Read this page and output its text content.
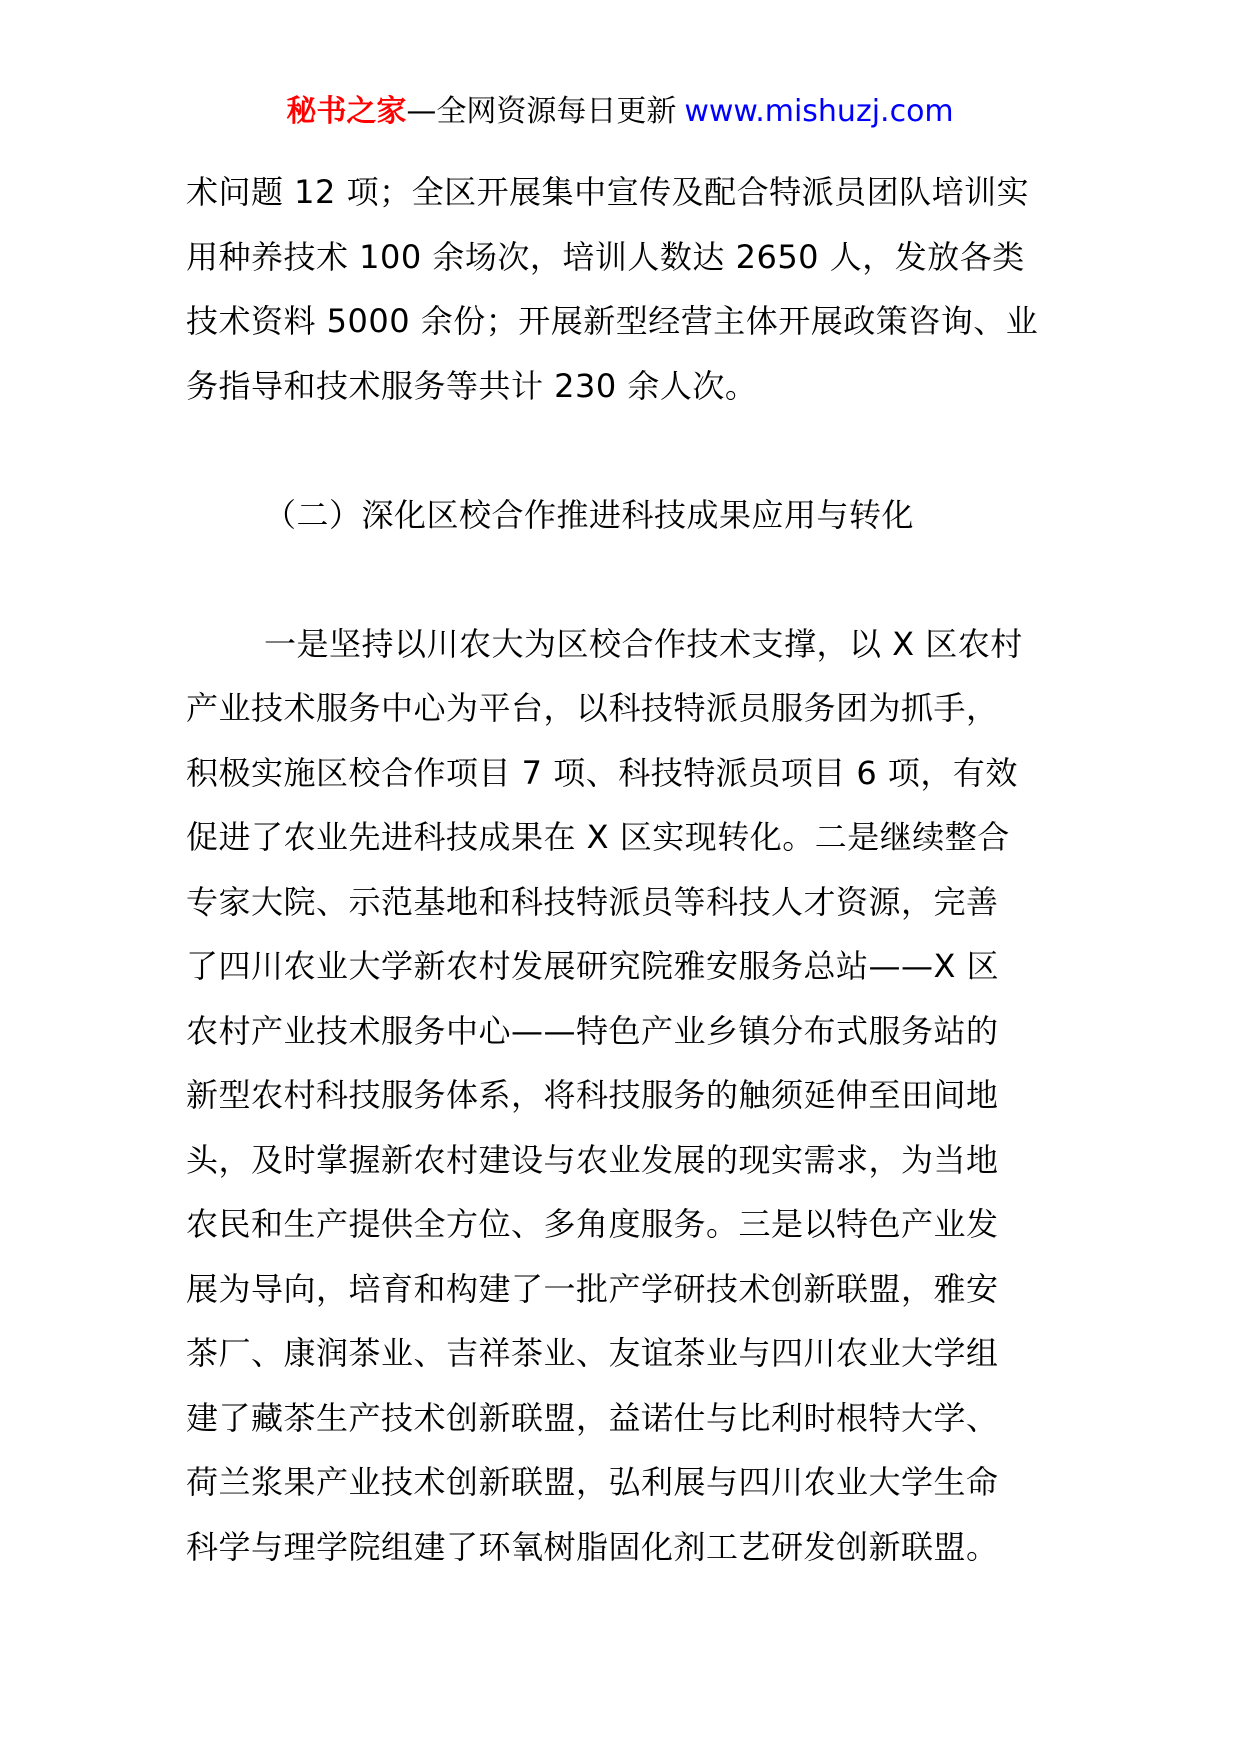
秘书之家—全网资源每日更新 www.mishuzj.com
术问题 12 项；全区开展集中宣传及配合特派员团队培训实
用种养技术 100 余场次，培训人数达 2650 人，发放各类
技术资料 5000 余份；开展新型经营主体开展政策咨询、业
务指导和技术服务等共计 230 余人次。
（二）深化区校合作推进科技成果应用与转化
一是坚持以川农大为区校合作技术支撑，以 X 区农村
产业技术服务中心为平台，以科技特派员服务团为抓手，
积极实施区校合作项目 7 项、科技特派员项目 6 项，有效
促进了农业先进科技成果在 X 区实现转化。二是继续整合
专家大院、示范基地和科技特派员等科技人才资源，完善
了四川农业大学新农村发展研究院雅安服务总站——X 区
农村产业技术服务中心——特色产业乡镇分布式服务站的
新型农村科技服务体系，将科技服务的触须延伸至田间地
头，及时掌握新农村建设与农业发展的现实需求，为当地
农民和生产提供全方位、多角度服务。三是以特色产业发
展为导向，培育和构建了一批产学研技术创新联盟，雅安
茶厂、康润茶业、吉祥茶业、友谊茶业与四川农业大学组
建了藏茶生产技术创新联盟，益诺仕与比利时根特大学、
荷兰浆果产业技术创新联盟，弘利展与四川农业大学生命
科学与理学院组建了环氧树脂固化剂工艺研发创新联盟。
